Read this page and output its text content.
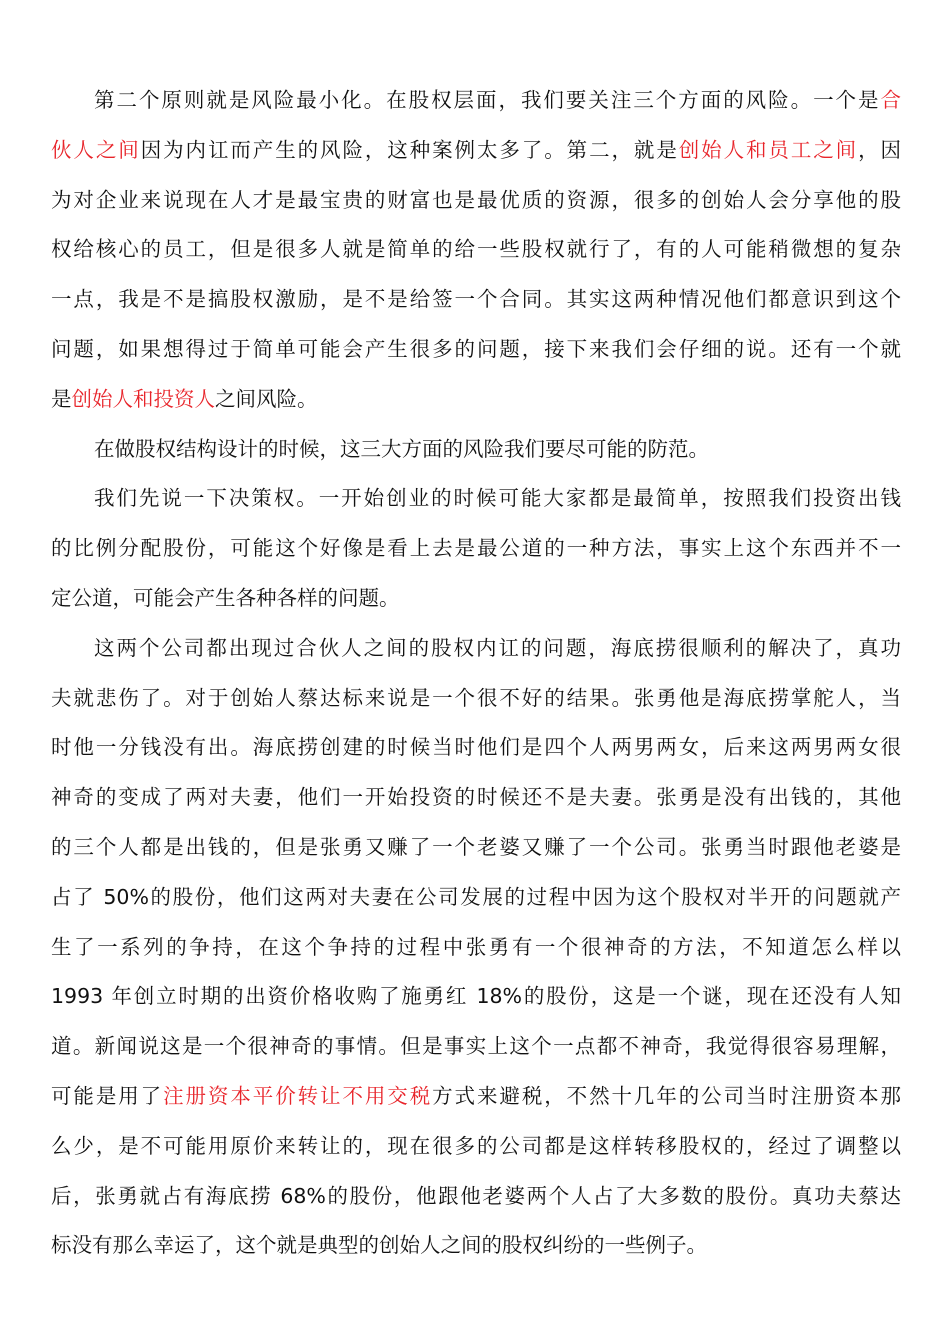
第二个原则就是风险最小化。在股权层面，我们要关注三个方面的风险。一个是合
伙人之间因为内讧而产生的风险，这种案例太多了。第二，就是创始人和员工之间，因
为对企业来说现在人才是最宝贵的财富也是最优质的资源，很多的创始人会分享他的股
权给核心的员工，但是很多人就是简单的给一些股权就行了，有的人可能稍微想的复杂
一点，我是不是搞股权激励，是不是给签一个合同。其实这两种情况他们都意识到这个
问题，如果想得过于简单可能会产生很多的问题，接下来我们会仔细的说。还有一个就
是创始人和投资人之间风险。
在做股权结构设计的时候，这三大方面的风险我们要尽可能的防范。
我们先说一下决策权。一开始创业的时候可能大家都是最简单，按照我们投资出钱
的比例分配股份，可能这个好像是看上去是最公道的一种方法，事实上这个东西并不一
定公道，可能会产生各种各样的问题。
这两个公司都出现过合伙人之间的股权内讧的问题，海底捞很顺利的解决了，真功
夫就悲伤了。对于创始人蔡达标来说是一个很不好的结果。张勇他是海底捞掌舵人，当
时他一分钱没有出。海底捞创建的时候当时他们是四个人两男两女，后来这两男两女很
神奇的变成了两对夫妻，他们一开始投资的时候还不是夫妻。张勇是没有出钱的，其他
的三个人都是出钱的，但是张勇又赚了一个老婆又赚了一个公司。张勇当时跟他老婆是
占了 50%的股份，他们这两对夫妻在公司发展的过程中因为这个股权对半开的问题就产
生了一系列的争持，在这个争持的过程中张勇有一个很神奇的方法，不知道怎么样以
1993 年创立时期的出资价格收购了施勇红 18%的股份，这是一个谜，现在还没有人知
道。新闻说这是一个很神奇的事情。但是事实上这个一点都不神奇，我觉得很容易理解，
可能是用了注册资本平价转让不用交税方式来避税，不然十几年的公司当时注册资本那
么少，是不可能用原价来转让的，现在很多的公司都是这样转移股权的，经过了调整以
后，张勇就占有海底捞 68%的股份，他跟他老婆两个人占了大多数的股份。真功夫蔡达
标没有那么幸运了，这个就是典型的创始人之间的股权纠纷的一些例子。
